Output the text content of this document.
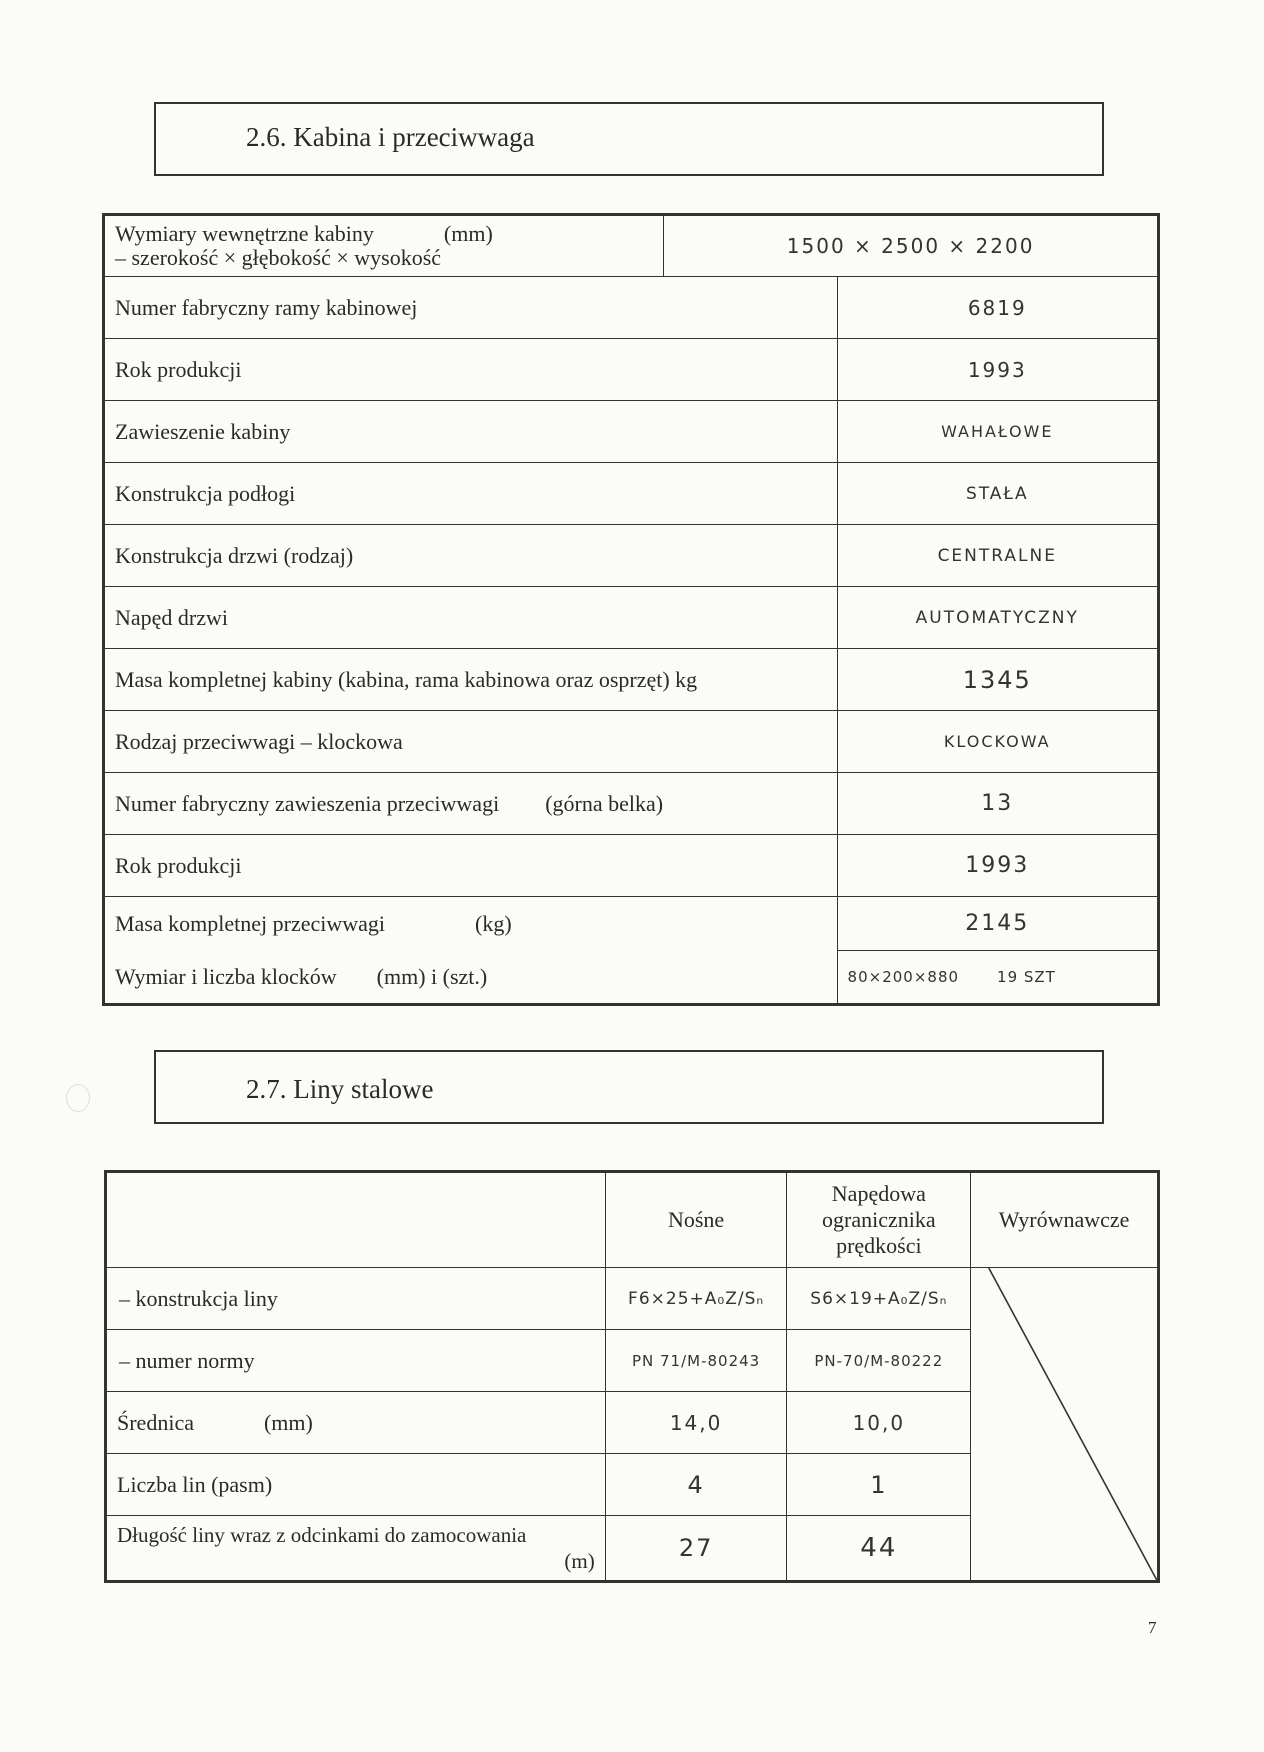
2.6. Kabina i przeciwwaga
Wymiary wewnętrzne kabiny (mm)
– szerokość × głębokość × wysokość	1500 × 2500 × 2200	
Numer fabryczny ramy kabinowej		6819
Rok produkcji		1993
Zawieszenie kabiny		WAHAŁOWE
Konstrukcja podłogi		STAŁA
Konstrukcja drzwi (rodzaj)		CENTRALNE
Napęd drzwi		AUTOMATYCZNY
Masa kompletnej kabiny (kabina, rama kabinowa oraz osprzęt) kg		1345
Rodzaj przeciwwagi – klockowa		KLOCKOWA
Numer fabryczny zawieszenia przeciwwagi (górna belka)		13
Rok produkcji		1993
Masa kompletnej przeciwwagi (kg)		2145
Wymiar i liczba klocków (mm) i (szt.)		80×200×880 19 SZT
2.7. Liny stalowe
	Nośne	Napędowa ogranicznika prędkości	Wyrównawcze
– konstrukcja liny	F6×25+A₀Z/Sₙ	S6×19+A₀Z/Sₙ	

– numer normy	PN 71/M-80243	PN-70/M-80222	
Średnica (mm)	14,0	10,0	
Liczba lin (pasm)	4	1	
Długość liny wraz z odcinkami do zamocowania

(m)	27	44	
7
